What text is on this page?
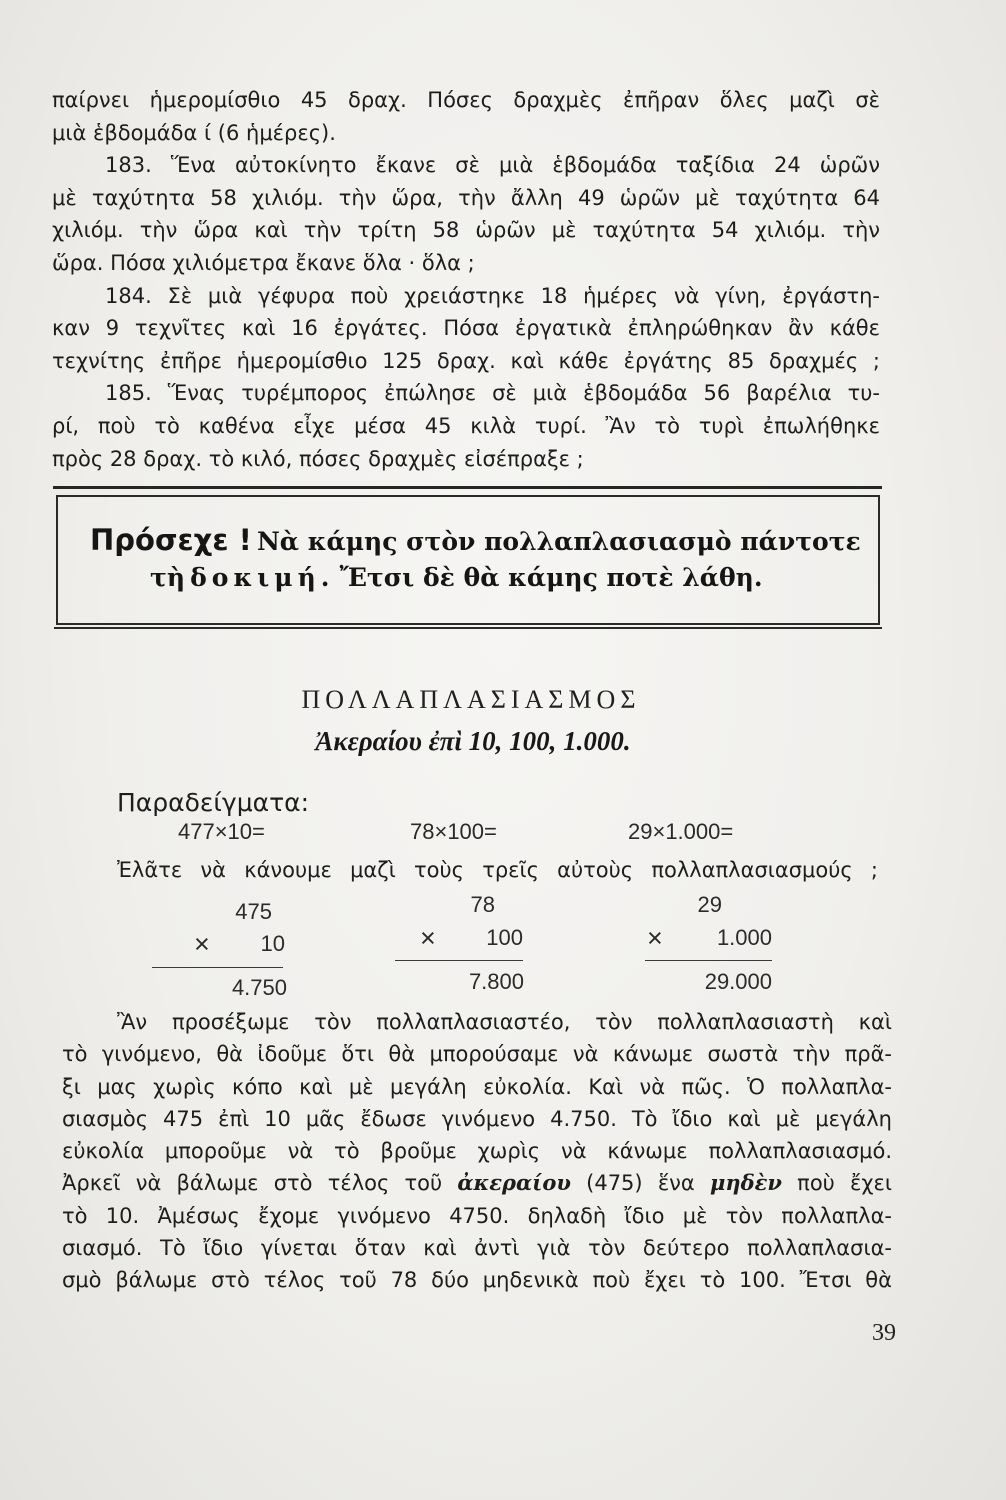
παίρνει ἡμερομίσθιο 45 δραχ. Πόσες δραχμὲς ἐπῆραν ὅλες μαζὶ σὲ
μιὰ ἑβδομάδα ί (6 ἡμέρες).
183. Ἕνα αὐτοκίνητο ἔκανε σὲ μιὰ ἑβδομάδα ταξίδια 24 ὡρῶν
μὲ ταχύτητα 58 χιλιόμ. τὴν ὥρα, τὴν ἄλλη 49 ὡρῶν μὲ ταχύτητα 64
χιλιόμ. τὴν ὥρα καὶ τὴν τρίτη 58 ὡρῶν μὲ ταχύτητα 54 χιλιόμ. τὴν
ὥρα. Πόσα χιλιόμετρα ἔκανε ὅλα · ὅλα ;
184. Σὲ μιὰ γέφυρα ποὺ χρειάστηκε 18 ἡμέρες νὰ γίνη, ἐργάστη-
καν 9 τεχνῖτες καὶ 16 ἐργάτες. Πόσα ἐργατικὰ ἐπληρώθηκαν ἂν κάθε
τεχνίτης ἐπῆρε ἡμερομίσθιο 125 δραχ. καὶ κάθε ἐργάτης 85 δραχμές ;
185. Ἕνας τυρέμπορος ἐπώλησε σὲ μιὰ ἑβδομάδα 56 βαρέλια τυ-
ρί, ποὺ τὸ καθένα εἶχε μέσα 45 κιλὰ τυρί. Ἂν τὸ τυρὶ ἐπωλήθηκε
πρὸς 28 δραχ. τὸ κιλό, πόσες δραχμὲς εἰσέπραξε ;
Πρόσεχε ! Νὰ κάμης στὸν πολλαπλασιασμὸ πάντοτε
τὴ δοκιμή. Ἔτσι δὲ θὰ κάμης ποτὲ λάθη.
ΠΟΛΛΑΠΛΑΣΙΑΣΜΟΣ
Ἀκεραίου ἐπὶ 10, 100, 1.000.
Παραδείγματα:
477×10=	78×100=	29×1.000=
Ἐλᾶτε νὰ κάνουμε μαζὶ τοὺς τρεῖς αὐτοὺς πολλαπλασιασμούς ;
475
×	10
4.750
78
×	100
7.800
29
×	1.000
29.000
Ἂν προσέξωμε τὸν πολλαπλασιαστέο, τὸν πολλαπλασιαστὴ καὶ
τὸ γινόμενο, θὰ ἰδοῦμε ὅτι θὰ μπορούσαμε νὰ κάνωμε σωστὰ τὴν πρᾶ-
ξι μας χωρὶς κόπο καὶ μὲ μεγάλη εὐκολία. Καὶ νὰ πῶς. Ὁ πολλαπλα-
σιασμὸς 475 ἐπὶ 10 μᾶς ἔδωσε γινόμενο 4.750. Τὸ ἴδιο καὶ μὲ μεγάλη
εὐκολία μποροῦμε νὰ τὸ βροῦμε χωρὶς νὰ κάνωμε πολλαπλασιασμό.
Ἀρκεῖ νὰ βάλωμε στὸ τέλος τοῦ ἀκεραίου (475) ἕνα μηδὲν ποὺ ἔχει
τὸ 10. Ἀμέσως ἔχομε γινόμενο 4750. δηλαδὴ ἴδιο μὲ τὸν πολλαπλα-
σιασμό. Τὸ ἴδιο γίνεται ὅταν καὶ ἀντὶ γιὰ τὸν δεύτερο πολλαπλασια-
σμὸ βάλωμε στὸ τέλος τοῦ 78 δύο μηδενικὰ ποὺ ἔχει τὸ 100. Ἔτσι θὰ
39
